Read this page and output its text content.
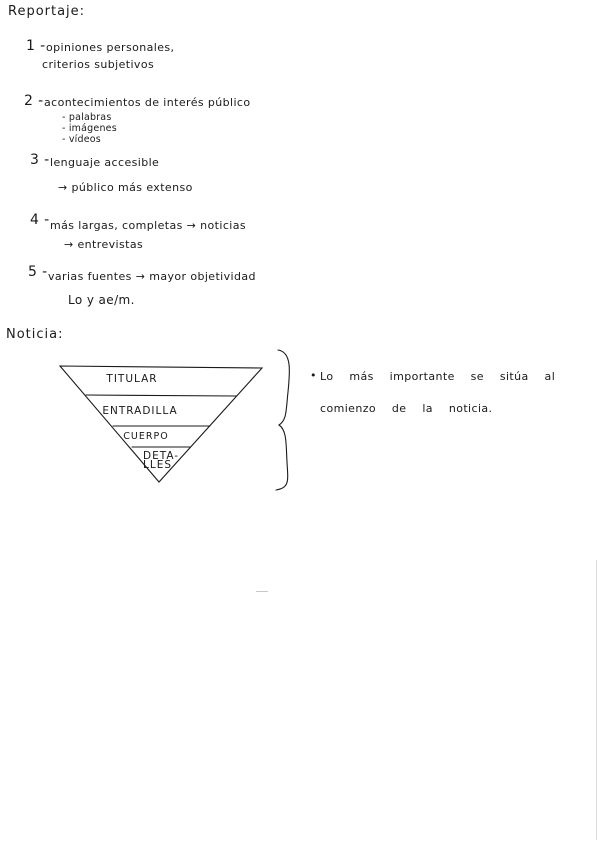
Reportaje:
1 - opiniones personales,
criterios subjetivos
2 - acontecimientos de interés público
- palabras
- imágenes
- vídeos
3 - lenguaje accesible
→ público más extenso
4 - más largas, completas → noticias
→ entrevistas
5 - varias fuentes → mayor objetividad
Lo y ae/m.
Noticia:
TITULAR
ENTRADILLA
CUERPO
DETA-
LLES
• Lo más importante se sitúa al
comienzo de la noticia.
